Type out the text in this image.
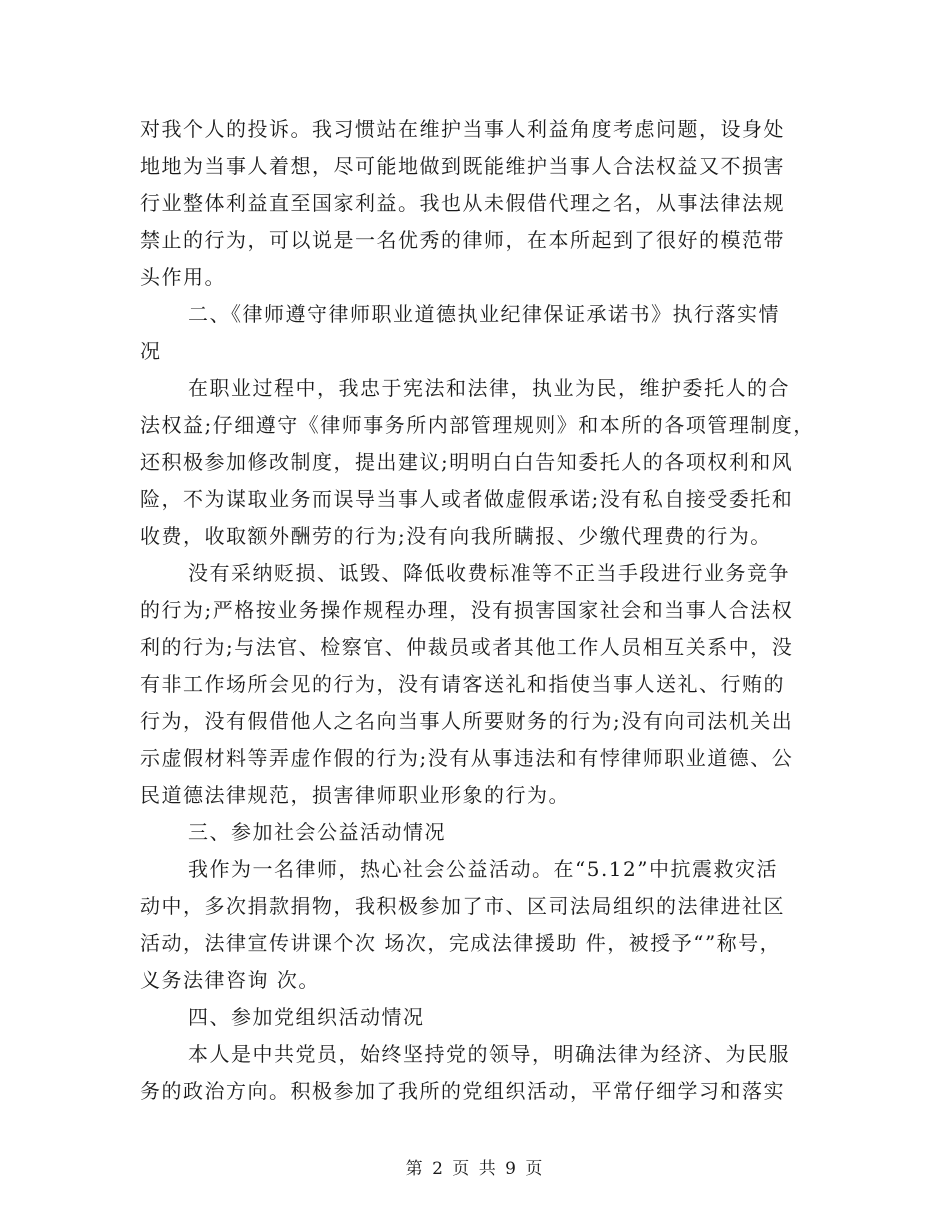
对我个人的投诉。我习惯站在维护当事人利益角度考虑问题，设身处
地地为当事人着想，尽可能地做到既能维护当事人合法权益又不损害
行业整体利益直至国家利益。我也从未假借代理之名，从事法律法规
禁止的行为，可以说是一名优秀的律师，在本所起到了很好的模范带
头作用。
二、《律师遵守律师职业道德执业纪律保证承诺书》执行落实情
况
在职业过程中，我忠于宪法和法律，执业为民，维护委托人的合
法权益;仔细遵守《律师事务所内部管理规则》和本所的各项管理制度，
还积极参加修改制度，提出建议;明明白白告知委托人的各项权利和风
险，不为谋取业务而误导当事人或者做虚假承诺;没有私自接受委托和
收费，收取额外酬劳的行为;没有向我所瞒报、少缴代理费的行为。
没有采纳贬损、诋毁、降低收费标准等不正当手段进行业务竞争
的行为;严格按业务操作规程办理，没有损害国家社会和当事人合法权
利的行为;与法官、检察官、仲裁员或者其他工作人员相互关系中，没
有非工作场所会见的行为，没有请客送礼和指使当事人送礼、行贿的
行为，没有假借他人之名向当事人所要财务的行为;没有向司法机关出
示虚假材料等弄虚作假的行为;没有从事违法和有悖律师职业道德、公
民道德法律规范，损害律师职业形象的行为。
三、参加社会公益活动情况
我作为一名律师，热心社会公益活动。在“5.12”中抗震救灾活
动中，多次捐款捐物，我积极参加了市、区司法局组织的法律进社区
活动，法律宣传讲课个次 场次，完成法律援助 件，被授予“”称号，
义务法律咨询 次。
四、参加党组织活动情况
本人是中共党员，始终坚持党的领导，明确法律为经济、为民服
务的政治方向。积极参加了我所的党组织活动，平常仔细学习和落实
第 2 页 共 9 页
